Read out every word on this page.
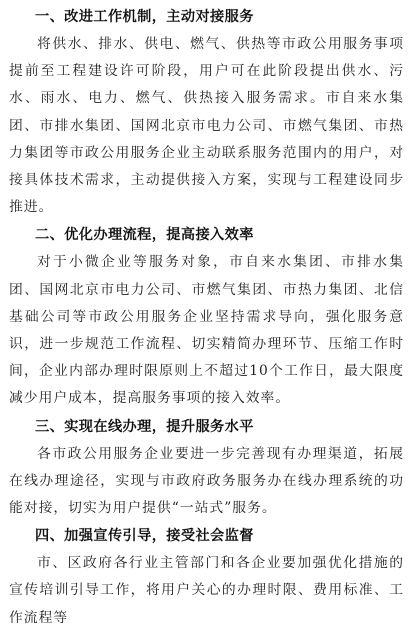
一、改进工作机制，主动对接服务

将供水、排水、供电、燃气、供热等市政公用服务事项提前至工程建设许可阶段，用户可在此阶段提出供水、污水、雨水、电力、燃气、供热接入服务需求。市自来水集团、市排水集团、国网北京市电力公司、市燃气集团、市热力集团等市政公用服务企业主动联系服务范围内的用户，对接具体技术需求，主动提供接入方案，实现与工程建设同步推进。

二、优化办理流程，提高接入效率

对于小微企业等服务对象，市自来水集团、市排水集团、国网北京市电力公司、市燃气集团、市热力集团、北信基础公司等市政公用服务企业坚持需求导向，强化服务意识，进一步规范工作流程、切实精简办理环节、压缩工作时间，企业内部办理时限原则上不超过10个工作日，最大限度减少用户成本，提高服务事项的接入效率。

三、实现在线办理，提升服务水平

各市政公用服务企业要进一步完善现有办理渠道，拓展在线办理途径，实现与市政府政务服务办在线办理系统的功能对接，切实为用户提供“一站式”服务。

四、加强宣传引导，接受社会监督

市、区政府各行业主管部门和各企业要加强优化措施的宣传培训引导工作，将用户关心的办理时限、费用标准、工作流程等
